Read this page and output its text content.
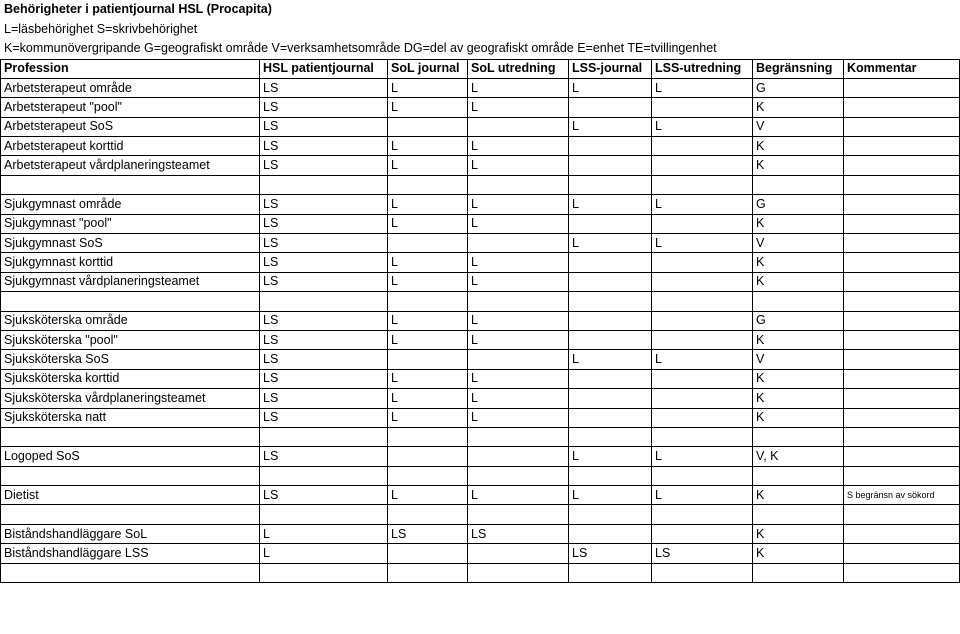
Behörigheter i patientjournal HSL (Procapita)
L=läsbehörighet S=skrivbehörighet
K=kommunövergripande G=geografiskt område V=verksamhetsområde DG=del av geografiskt område E=enhet TE=tvillingenhet
Profession	HSL patientjournal	SoL journal	SoL utredning	LSS-journal	LSS-utredning	Begränsning	Kommentar
Arbetsterapeut område	LS	L	L	L	L	G	
Arbetsterapeut "pool"	LS	L	L			K	
Arbetsterapeut SoS	LS			L	L	V	
Arbetsterapeut korttid	LS	L	L			K	
Arbetsterapeut vårdplaneringsteamet	LS	L	L			K	

Sjukgymnast område	LS	L	L	L	L	G	
Sjukgymnast "pool"	LS	L	L			K	
Sjukgymnast SoS	LS			L	L	V	
Sjukgymnast korttid	LS	L	L			K	
Sjukgymnast vårdplaneringsteamet	LS	L	L			K	

Sjuksköterska område	LS	L	L			G	
Sjuksköterska "pool"	LS	L	L			K	
Sjuksköterska SoS	LS			L	L	V	
Sjuksköterska korttid	LS	L	L			K	
Sjuksköterska vårdplaneringsteamet	LS	L	L			K	
Sjuksköterska natt	LS	L	L			K	

Logoped SoS	LS			L	L	V, K	

Dietist	LS	L	L	L	L	K	S begränsn av sökord

Biståndshandläggare SoL	L	LS	LS			K	
Biståndshandläggare LSS	L			LS	LS	K	
